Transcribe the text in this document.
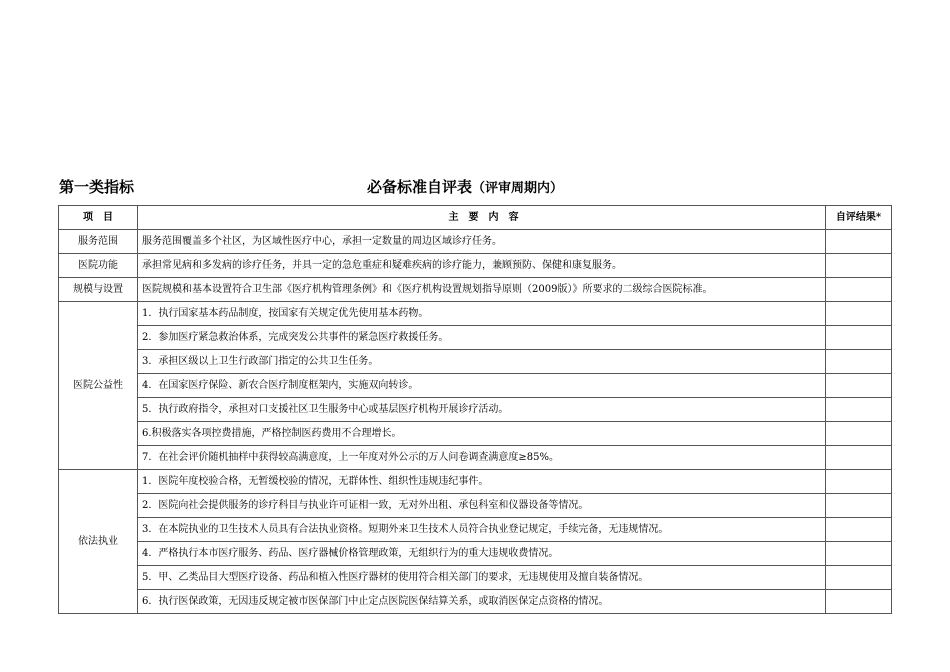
第一类指标	必备标准自评表（评审周期内）
项　目	主　要　内　容	自评结果*
服务范围	服务范围覆盖多个社区，为区域性医疗中心，承担一定数量的周边区域诊疗任务。	
医院功能	承担常见病和多发病的诊疗任务，并具一定的急危重症和疑难疾病的诊疗能力，兼顾预防、保健和康复服务。	
规模与设置	医院规模和基本设置符合卫生部《医疗机构管理条例》和《医疗机构设置规划指导原则（2009版）》所要求的二级综合医院标准。	
医院公益性	1．执行国家基本药品制度，按国家有关规定优先使用基本药物。	
	2．参加医疗紧急救治体系，完成突发公共事件的紧急医疗救援任务。	
	3．承担区级以上卫生行政部门指定的公共卫生任务。	
	4．在国家医疗保险、新农合医疗制度框架内，实施双向转诊。	
	5．执行政府指令，承担对口支援社区卫生服务中心或基层医疗机构开展诊疗活动。	
	6.积极落实各项控费措施，严格控制医药费用不合理增长。	
	7．在社会评价随机抽样中获得较高满意度，上一年度对外公示的万人问卷调查满意度≥85%。	
依法执业	1．医院年度校验合格，无暂缓校验的情况，无群体性、组织性违规违纪事件。	
	2．医院向社会提供服务的诊疗科目与执业许可证相一致，无对外出租、承包科室和仪器设备等情况。	
	3．在本院执业的卫生技术人员具有合法执业资格。短期外来卫生技术人员符合执业登记规定，手续完备，无违规情况。	
	4．严格执行本市医疗服务、药品、医疗器械价格管理政策，无组织行为的重大违规收费情况。	
	5．甲、乙类品目大型医疗设备、药品和植入性医疗器材的使用符合相关部门的要求，无违规使用及擅自装备情况。	
	6．执行医保政策，无因违反规定被市医保部门中止定点医院医保结算关系，或取消医保定点资格的情况。	
